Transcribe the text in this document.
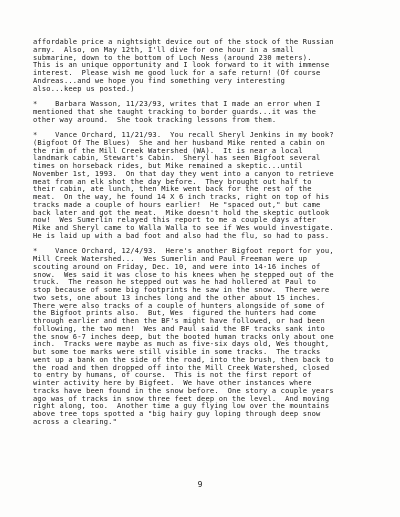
affordable price a nightsight device out of the stock of the Russian
army.  Also, on May 12th, I'll dive for one hour in a small
submarine, down to the bottom of Loch Ness (around 230 meters).
This is an unique opportunity and I look forward to it with immense
interest.  Please wish me good luck for a safe return! (Of course
Andreas...and we hope you find something very interesting
also...keep us posted.)
*    Barbara Wasson, 11/23/93, writes that I made an error when I
mentioned that she taught tracking to border guards...it was the
other way around.  She took tracking lessons from them.
*    Vance Orchard, 11/21/93.  You recall Sheryl Jenkins in my book?
(Bigfoot Of The Blues)  She and her husband Mike rented a cabin on
the rim of the Mill Creek Watershed (WA).  It is near a local
landmark cabin, Stewart's Cabin.  Sheryl has seen Bigfoot several
times on horseback rides, but Mike remained a skeptic...until
November 1st, 1993.  On that day they went into a canyon to retrieve
meat from an elk shot the day before.  They brought out half to
their cabin, ate lunch, then Mike went back for the rest of the
meat.  On the way, he found 14 X 6 inch tracks, right on top of his
tracks made a couple of hours earlier!  He "spaced out," but came
back later and got the meat.  Mike doesn't hold the skeptic outlook
now!  Wes Sumerlin relayed this report to me a couple days after
Mike and Sheryl came to Walla Walla to see if Wes would investigate.
He is laid up with a bad foot and also had the flu, so had to pass.
*    Vance Orchard, 12/4/93.  Here's another Bigfoot report for you,
Mill Creek Watershed...  Wes Sumerlin and Paul Freeman were up
scouting around on Friday, Dec. 10, and were into 14-16 inches of
snow.  Wes said it was close to his knees when he stepped out of the
truck.  The reason he stepped out was he had hollered at Paul to
stop because of some big footprints he saw in the snow.  There were
two sets, one about 13 inches long and the other about 15 inches.
There were also tracks of a couple of hunters alongside of some of
the Bigfoot prints also.  But, Wes  figured the hunters had come
through earlier and then the BF's might have followed, or had been
following, the two men!  Wes and Paul said the BF tracks sank into
the snow 6-7 inches deep, but the booted human tracks only about one
inch.  Tracks were maybe as much as five-six days old, Wes thought,
but some toe marks were still visible in some tracks.  The tracks
went up a bank on the side of the road, into the brush, then back to
the road and then dropped off into the Mill Creek Watershed, closed
to entry by humans, of course.  This is not the first report of
winter activity here by Bigfeet.  We have other instances where
tracks have been found in the snow before.  One story a couple years
ago was of tracks in snow three feet deep on the level.  And moving
right along, too.  Another time a guy flying low over the mountains
above tree tops spotted a "big hairy guy loping through deep snow
across a clearing."
9
